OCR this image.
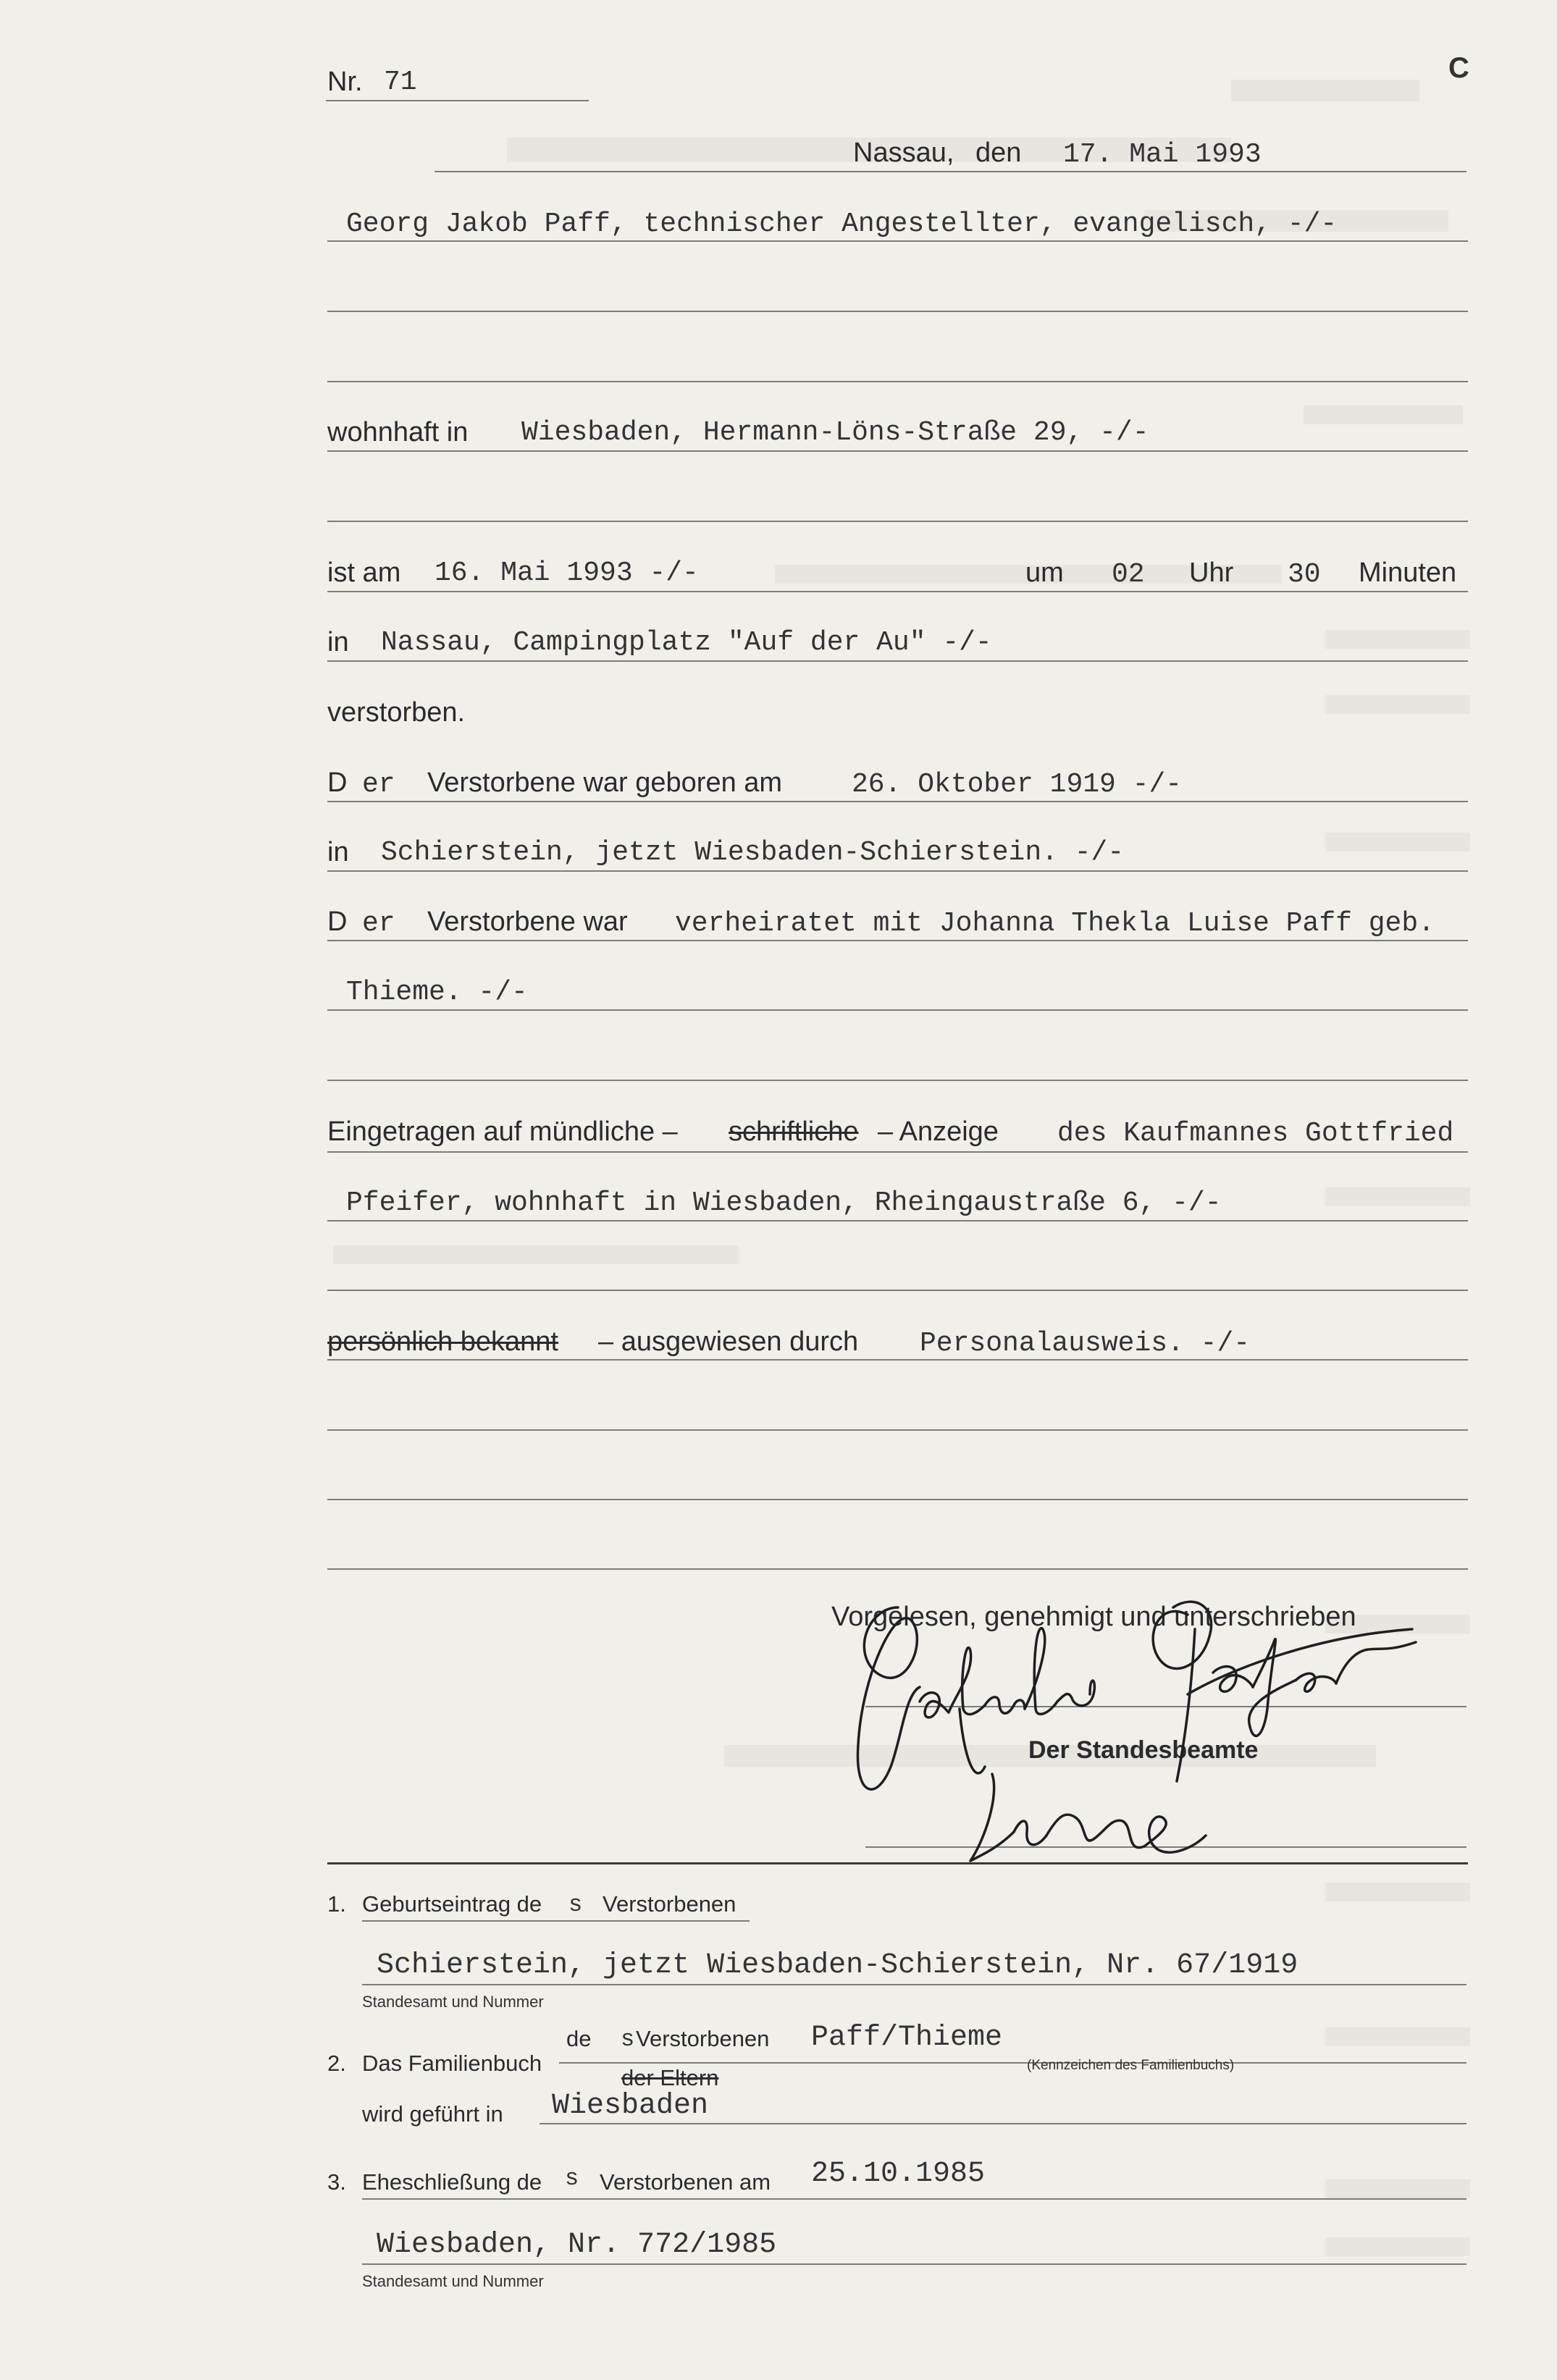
C
Nr. 71
Nassau, den 17. Mai 1993
Georg Jakob Paff, technischer Angestellter, evangelisch, -/-
wohnhaft in Wiesbaden, Hermann-Löns-Straße 29, -/-
ist am 16. Mai 1993 -/-	um 02 Uhr 30 Minuten
in Nassau, Campingplatz "Auf der Au" -/-
verstorben.
D er Verstorbene war geboren am	26. Oktober 1919 -/-
in Schierstein, jetzt Wiesbaden-Schierstein. -/-
D er Verstorbene war verheiratet mit Johanna Thekla Luise Paff geb.
Thieme. -/-
Eingetragen auf mündliche – schriftliche – Anzeige des Kaufmannes Gottfried
Pfeifer, wohnhaft in Wiesbaden, Rheingaustraße 6, -/-
persönlich bekannt – ausgewiesen durch Personalausweis. -/-
Vorgelesen, genehmigt und unterschrieben
Der Standesbeamte
1. Geburtseintrag de s Verstorbenen
Schierstein, jetzt Wiesbaden-Schierstein, Nr. 67/1919
Standesamt und Nummer
2. Das Familienbuch
de s Verstorbenen
der Eltern
Paff/Thieme
(Kennzeichen des Familienbuchs)
wird geführt in Wiesbaden
3. Eheschließung de s Verstorbenen am 25.10.1985
Wiesbaden, Nr. 772/1985
Standesamt und Nummer
